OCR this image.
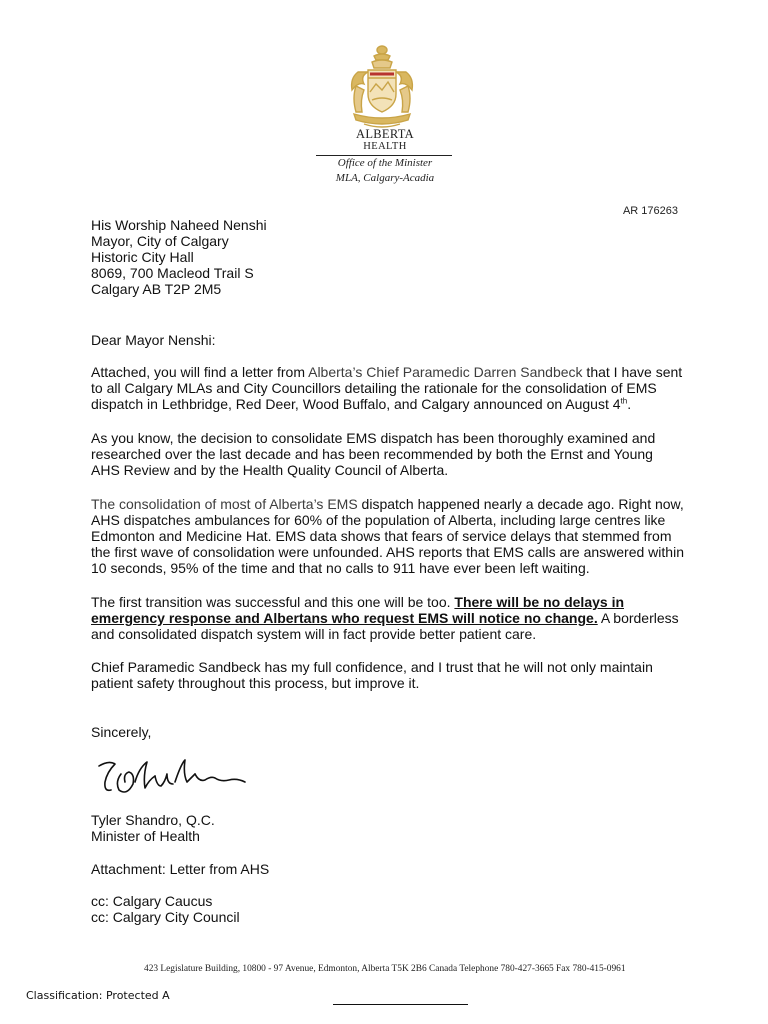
ALBERTA
HEALTH
Office of the Minister
MLA, Calgary-Acadia
AR 176263
His Worship Naheed Nenshi
Mayor, City of Calgary
Historic City Hall
8069, 700 Macleod Trail S
Calgary AB T2P 2M5
Dear Mayor Nenshi:
Attached, you will find a letter from Alberta’s Chief Paramedic Darren Sandbeck that I have sent
to all Calgary MLAs and City Councillors detailing the rationale for the consolidation of EMS
dispatch in Lethbridge, Red Deer, Wood Buffalo, and Calgary announced on August 4th.
As you know, the decision to consolidate EMS dispatch has been thoroughly examined and
researched over the last decade and has been recommended by both the Ernst and Young
AHS Review and by the Health Quality Council of Alberta.
The consolidation of most of Alberta’s EMS dispatch happened nearly a decade ago. Right now,
AHS dispatches ambulances for 60% of the population of Alberta, including large centres like
Edmonton and Medicine Hat. EMS data shows that fears of service delays that stemmed from
the first wave of consolidation were unfounded. AHS reports that EMS calls are answered within
10 seconds, 95% of the time and that no calls to 911 have ever been left waiting.
The first transition was successful and this one will be too. There will be no delays in
emergency response and Albertans who request EMS will notice no change. A borderless
and consolidated dispatch system will in fact provide better patient care.
Chief Paramedic Sandbeck has my full confidence, and I trust that he will not only maintain
patient safety throughout this process, but improve it.
Sincerely,
Tyler Shandro, Q.C.
Minister of Health
Attachment: Letter from AHS
cc: Calgary Caucus
cc: Calgary City Council
423 Legislature Building, 10800 - 97 Avenue, Edmonton, Alberta T5K 2B6 Canada Telephone 780-427-3665 Fax 780-415-0961
Classification: Protected A
